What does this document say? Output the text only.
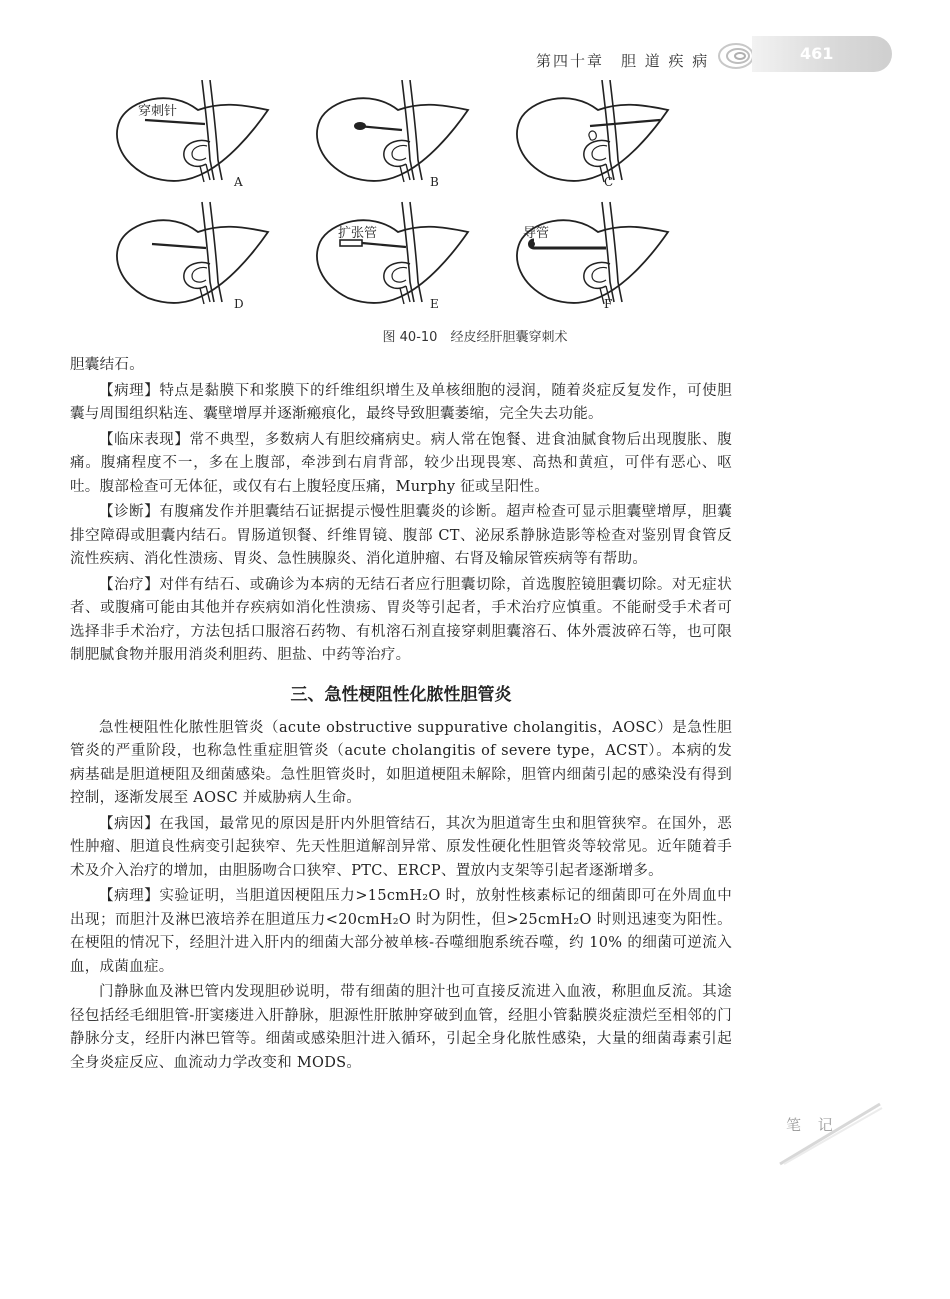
第四十章　胆 道 疾 病	461
穿刺针
扩张管	导管
A	B	C
D	E	F
图 40-10　经皮经肝胆囊穿刺术

胆囊结石。

【病理】特点是黏膜下和浆膜下的纤维组织增生及单核细胞的浸润，随着炎症反复发作，可使胆囊与周围组织粘连、囊壁增厚并逐渐瘢痕化，最终导致胆囊萎缩，完全失去功能。

【临床表现】常不典型，多数病人有胆绞痛病史。病人常在饱餐、进食油腻食物后出现腹胀、腹痛。腹痛程度不一，多在上腹部，牵涉到右肩背部，较少出现畏寒、高热和黄疸，可伴有恶心、呕吐。腹部检查可无体征，或仅有右上腹轻度压痛，Murphy 征或呈阳性。

【诊断】有腹痛发作并胆囊结石证据提示慢性胆囊炎的诊断。超声检查可显示胆囊壁增厚，胆囊排空障碍或胆囊内结石。胃肠道钡餐、纤维胃镜、腹部 CT、泌尿系静脉造影等检查对鉴别胃食管反流性疾病、消化性溃疡、胃炎、急性胰腺炎、消化道肿瘤、右肾及输尿管疾病等有帮助。

【治疗】对伴有结石、或确诊为本病的无结石者应行胆囊切除，首选腹腔镜胆囊切除。对无症状者、或腹痛可能由其他并存疾病如消化性溃疡、胃炎等引起者，手术治疗应慎重。不能耐受手术者可选择非手术治疗，方法包括口服溶石药物、有机溶石剂直接穿刺胆囊溶石、体外震波碎石等，也可限制肥腻食物并服用消炎利胆药、胆盐、中药等治疗。

三、急性梗阻性化脓性胆管炎

急性梗阻性化脓性胆管炎（acute obstructive suppurative cholangitis，AOSC）是急性胆管炎的严重阶段，也称急性重症胆管炎（acute cholangitis of severe type，ACST）。本病的发病基础是胆道梗阻及细菌感染。急性胆管炎时，如胆道梗阻未解除，胆管内细菌引起的感染没有得到控制，逐渐发展至 AOSC 并威胁病人生命。

【病因】在我国，最常见的原因是肝内外胆管结石，其次为胆道寄生虫和胆管狭窄。在国外，恶性肿瘤、胆道良性病变引起狭窄、先天性胆道解剖异常、原发性硬化性胆管炎等较常见。近年随着手术及介入治疗的增加，由胆肠吻合口狭窄、PTC、ERCP、置放内支架等引起者逐渐增多。

【病理】实验证明，当胆道因梗阻压力>15cmH₂O 时，放射性核素标记的细菌即可在外周血中出现；而胆汁及淋巴液培养在胆道压力<20cmH₂O 时为阴性，但>25cmH₂O 时则迅速变为阳性。在梗阻的情况下，经胆汁进入肝内的细菌大部分被单核-吞噬细胞系统吞噬，约 10% 的细菌可逆流入血，成菌血症。

门静脉血及淋巴管内发现胆砂说明，带有细菌的胆汁也可直接反流进入血液，称胆血反流。其途径包括经毛细胆管-肝窦瘘进入肝静脉，胆源性肝脓肿穿破到血管，经胆小管黏膜炎症溃烂至相邻的门静脉分支，经肝内淋巴管等。细菌或感染胆汁进入循环，引起全身化脓性感染，大量的细菌毒素引起全身炎症反应、血流动力学改变和 MODS。

笔 记
